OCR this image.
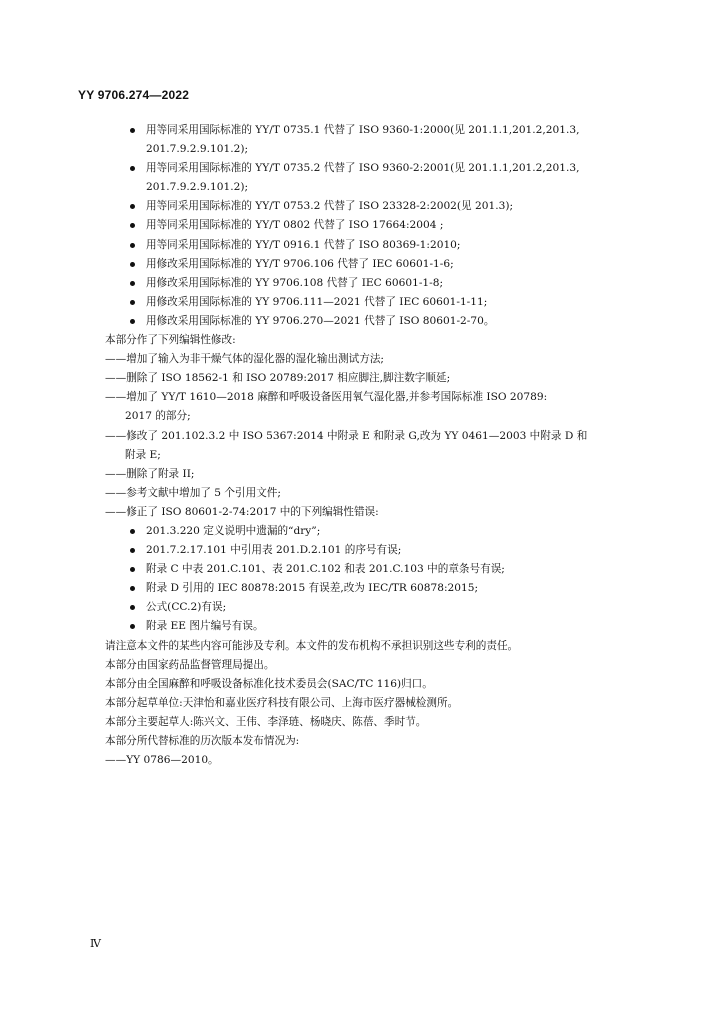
YY 9706.274—2022
用等同采用国际标准的 YY/T 0735.1 代替了 ISO 9360-1:2000(见 201.1.1,201.2,201.3,
201.7.9.2.9.101.2);
用等同采用国际标准的 YY/T 0735.2 代替了 ISO 9360-2:2001(见 201.1.1,201.2,201.3,
201.7.9.2.9.101.2);
用等同采用国际标准的 YY/T 0753.2 代替了 ISO 23328-2:2002(见 201.3);
用等同采用国际标准的 YY/T 0802 代替了 ISO 17664:2004 ;
用等同采用国际标准的 YY/T 0916.1 代替了 ISO 80369-1:2010;
用修改采用国际标准的 YY/T 9706.106 代替了 IEC 60601-1-6;
用修改采用国际标准的 YY 9706.108 代替了 IEC 60601-1-8;
用修改采用国际标准的 YY 9706.111—2021 代替了 IEC 60601-1-11;
用修改采用国际标准的 YY 9706.270—2021 代替了 ISO 80601-2-70。
本部分作了下列编辑性修改:
——增加了输入为非干燥气体的湿化器的湿化输出测试方法;
——删除了 ISO 18562-1 和 ISO 20789:2017 相应脚注,脚注数字顺延;
——增加了 YY/T 1610—2018 麻醉和呼吸设备医用氧气湿化器,并参考国际标准 ISO 20789:
2017 的部分;
——修改了 201.102.3.2 中 ISO 5367:2014 中附录 E 和附录 G,改为 YY 0461—2003 中附录 D 和
附录 E;
——删除了附录 II;
——参考文献中增加了 5 个引用文件;
——修正了 ISO 80601-2-74:2017 中的下列编辑性错误:
201.3.220 定义说明中遗漏的“dry”;
201.7.2.17.101 中引用表 201.D.2.101 的序号有误;
附录 C 中表 201.C.101、表 201.C.102 和表 201.C.103 中的章条号有误;
附录 D 引用的 IEC 80878:2015 有误差,改为 IEC/TR 60878:2015;
公式(CC.2)有误;
附录 EE 图片编号有误。
请注意本文件的某些内容可能涉及专利。本文件的发布机构不承担识别这些专利的责任。
本部分由国家药品监督管理局提出。
本部分由全国麻醉和呼吸设备标准化技术委员会(SAC/TC 116)归口。
本部分起草单位:天津怡和嘉业医疗科技有限公司、上海市医疗器械检测所。
本部分主要起草人:陈兴文、王伟、李泽琏、杨晓庆、陈蓓、季时节。
本部分所代替标准的历次版本发布情况为:
——YY 0786—2010。
Ⅳ
